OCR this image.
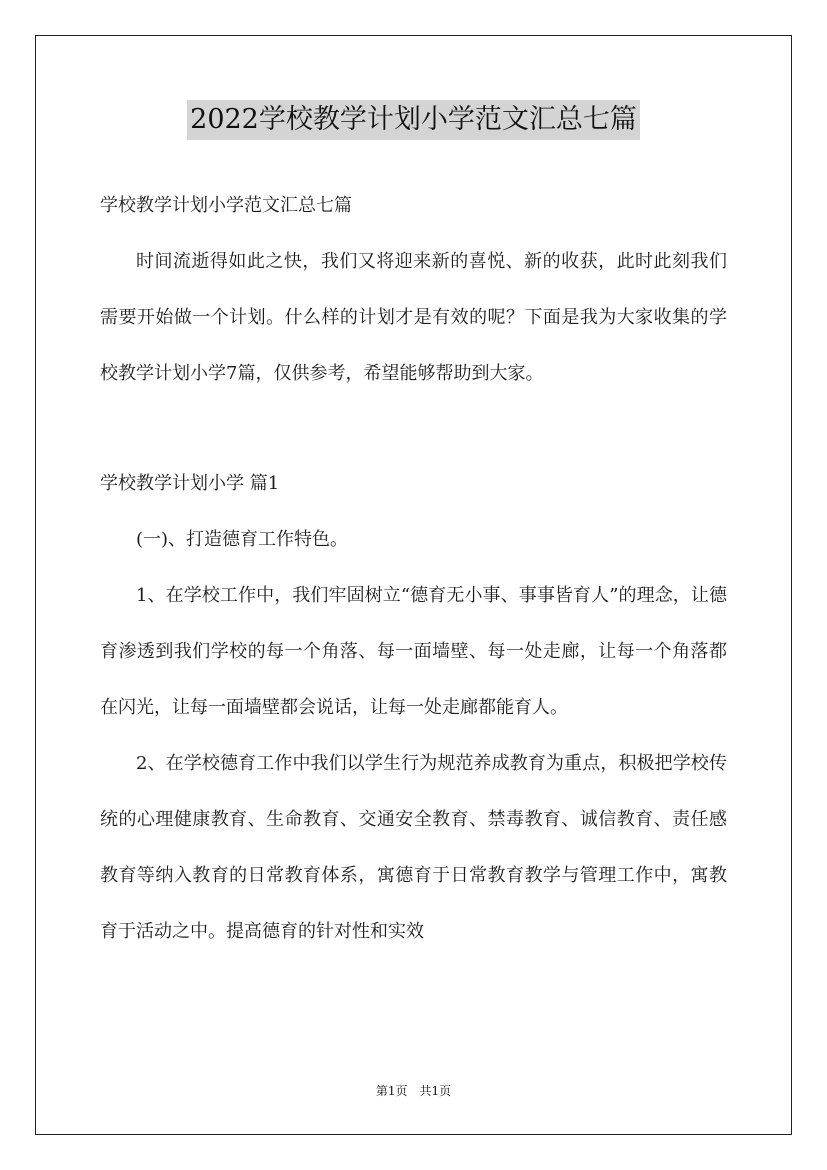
2022学校教学计划小学范文汇总七篇

学校教学计划小学范文汇总七篇

时间流逝得如此之快，我们又将迎来新的喜悦、新的收获，此时此刻我们需要开始做一个计划。什么样的计划才是有效的呢？下面是我为大家收集的学校教学计划小学7篇，仅供参考，希望能够帮助到大家。

学校教学计划小学 篇1

(一)、打造德育工作特色。

1、在学校工作中，我们牢固树立“德育无小事、事事皆育人”的理念，让德育渗透到我们学校的每一个角落、每一面墙壁、每一处走廊，让每一个角落都在闪光，让每一面墙壁都会说话，让每一处走廊都能育人。

2、在学校德育工作中我们以学生行为规范养成教育为重点，积极把学校传统的心理健康教育、生命教育、交通安全教育、禁毒教育、诚信教育、责任感教育等纳入教育的日常教育体系，寓德育于日常教育教学与管理工作中，寓教育于活动之中。提高德育的针对性和实效

第1页　共1页
